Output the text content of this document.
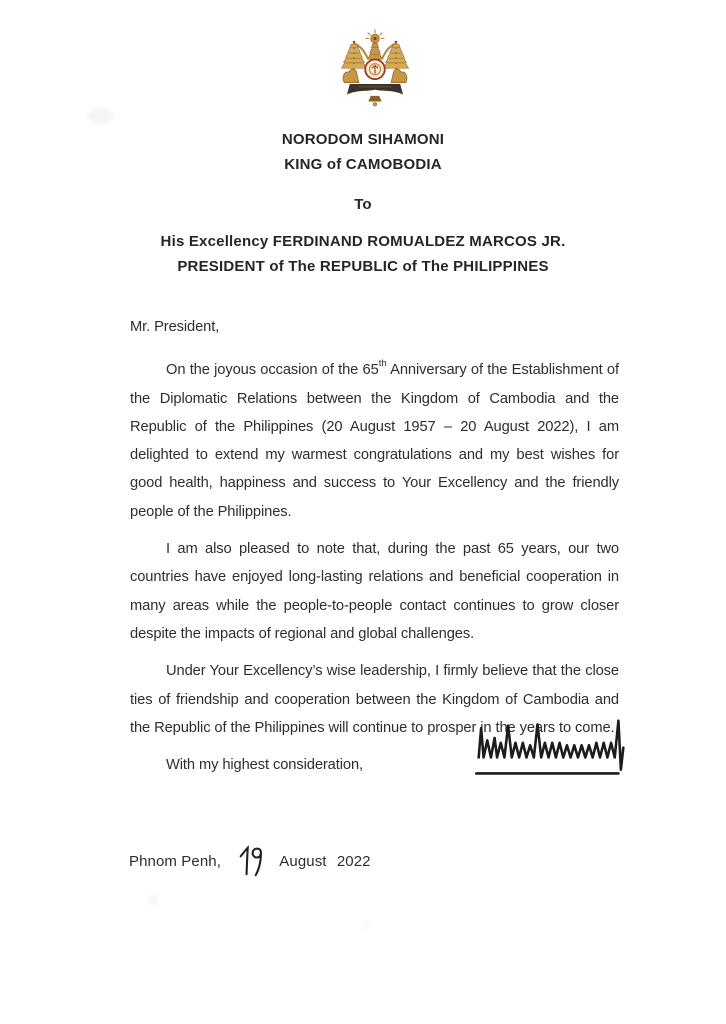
NORODOM SIHAMONI
KING of CAMOBODIA
To
His Excellency FERDINAND ROMUALDEZ MARCOS JR.
PRESIDENT of The REPUBLIC of The PHILIPPINES

Mr. President,

On the joyous occasion of the 65th Anniversary of the Establishment of the Diplomatic Relations between the Kingdom of Cambodia and the Republic of the Philippines (20 August 1957 – 20 August 2022), I am delighted to extend my warmest congratulations and my best wishes for good health, happiness and success to Your Excellency and the friendly people of the Philippines.

I am also pleased to note that, during the past 65 years, our two countries have enjoyed long-lasting relations and beneficial cooperation in many areas while the people-to-people contact continues to grow closer despite the impacts of regional and global challenges.

Under Your Excellency’s wise leadership, I firmly believe that the close ties of friendship and cooperation between the Kingdom of Cambodia and the Republic of the Philippines will continue to prosper in the years to come.

With my highest consideration,

Phnom Penh,	August 2022
